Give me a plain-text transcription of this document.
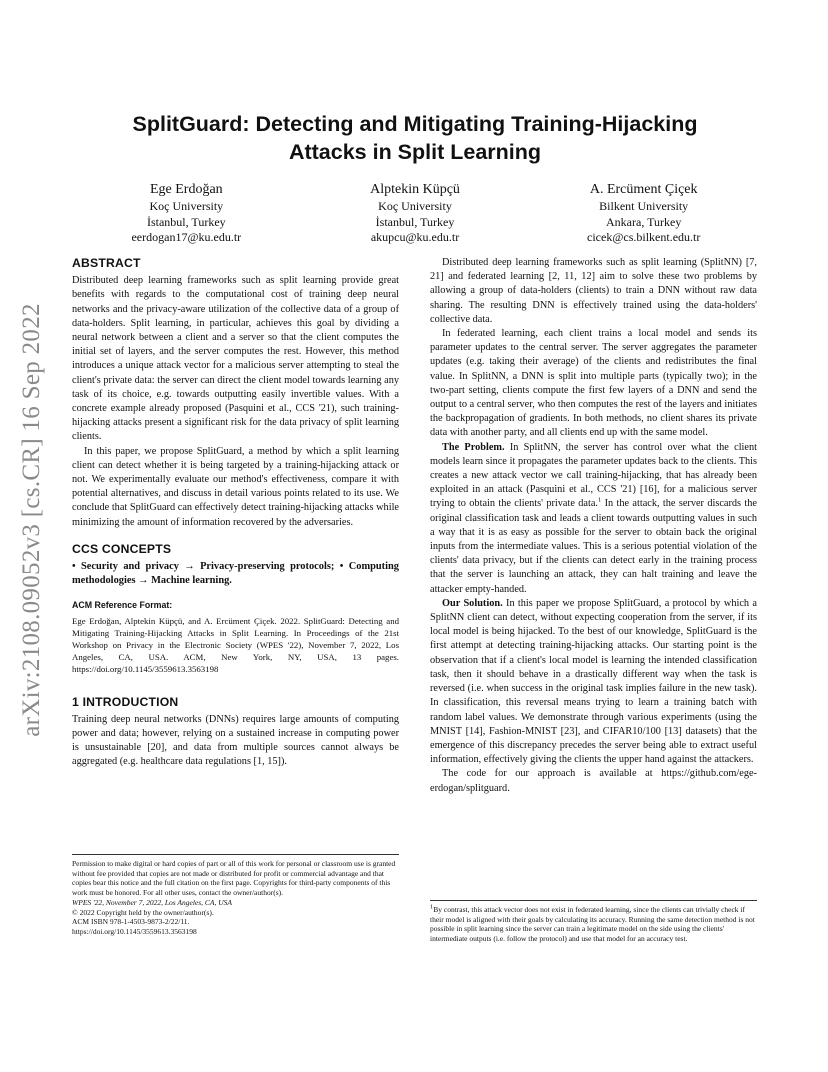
arXiv:2108.09052v3 [cs.CR] 16 Sep 2022
SplitGuard: Detecting and Mitigating Training-Hijacking
Attacks in Split Learning
Ege Erdoğan
Koç University
İstanbul, Turkey
eerdogan17@ku.edu.tr
Alptekin Küpçü
Koç University
İstanbul, Turkey
akupcu@ku.edu.tr
A. Ercüment Çiçek
Bilkent University
Ankara, Turkey
cicek@cs.bilkent.edu.tr
ABSTRACT

Distributed deep learning frameworks such as split learning provide great benefits with regards to the computational cost of training deep neural networks and the privacy-aware utilization of the collective data of a group of data-holders. Split learning, in particular, achieves this goal by dividing a neural network between a client and a server so that the client computes the initial set of layers, and the server computes the rest. However, this method introduces a unique attack vector for a malicious server attempting to steal the client's private data: the server can direct the client model towards learning any task of its choice, e.g. towards outputting easily invertible values. With a concrete example already proposed (Pasquini et al., CCS '21), such training-hijacking attacks present a significant risk for the data privacy of split learning clients.

In this paper, we propose SplitGuard, a method by which a split learning client can detect whether it is being targeted by a training-hijacking attack or not. We experimentally evaluate our method's effectiveness, compare it with potential alternatives, and discuss in detail various points related to its use. We conclude that SplitGuard can effectively detect training-hijacking attacks while minimizing the amount of information recovered by the adversaries.

CCS CONCEPTS

• Security and privacy → Privacy-preserving protocols; • Computing methodologies → Machine learning.

ACM Reference Format:

Ege Erdoğan, Alptekin Küpçü, and A. Ercüment Çiçek. 2022. SplitGuard: Detecting and Mitigating Training-Hijacking Attacks in Split Learning. In Proceedings of the 21st Workshop on Privacy in the Electronic Society (WPES '22), November 7, 2022, Los Angeles, CA, USA. ACM, New York, NY, USA, 13 pages. https://doi.org/10.1145/3559613.3563198

1 INTRODUCTION

Training deep neural networks (DNNs) requires large amounts of computing power and data; however, relying on a sustained increase in computing power is unsustainable [20], and data from multiple sources cannot always be aggregated (e.g. healthcare data regulations [1, 15]).

Permission to make digital or hard copies of part or all of this work for personal or classroom use is granted without fee provided that copies are not made or distributed for profit or commercial advantage and that copies bear this notice and the full citation on the first page. Copyrights for third-party components of this work must be honored. For all other uses, contact the owner/author(s).

WPES '22, November 7, 2022, Los Angeles, CA, USA

© 2022 Copyright held by the owner/author(s).

ACM ISBN 978-1-4503-9873-2/22/11.

https://doi.org/10.1145/3559613.3563198

Distributed deep learning frameworks such as split learning (SplitNN) [7, 21] and federated learning [2, 11, 12] aim to solve these two problems by allowing a group of data-holders (clients) to train a DNN without raw data sharing. The resulting DNN is effectively trained using the data-holders' collective data.

In federated learning, each client trains a local model and sends its parameter updates to the central server. The server aggregates the parameter updates (e.g. taking their average) of the clients and redistributes the final value. In SplitNN, a DNN is split into multiple parts (typically two); in the two-part setting, clients compute the first few layers of a DNN and send the output to a central server, who then computes the rest of the layers and initiates the backpropagation of gradients. In both methods, no client shares its private data with another party, and all clients end up with the same model.

The Problem. In SplitNN, the server has control over what the client models learn since it propagates the parameter updates back to the clients. This creates a new attack vector we call training-hijacking, that has already been exploited in an attack (Pasquini et al., CCS '21) [16], for a malicious server trying to obtain the clients' private data.$^1$ In the attack, the server discards the original classification task and leads a client towards outputting values in such a way that it is as easy as possible for the server to obtain back the original inputs from the intermediate values. This is a serious potential violation of the clients' data privacy, but if the clients can detect early in the training process that the server is launching an attack, they can halt training and leave the attacker empty-handed.

Our Solution. In this paper we propose SplitGuard, a protocol by which a SplitNN client can detect, without expecting cooperation from the server, if its local model is being hijacked. To the best of our knowledge, SplitGuard is the first attempt at detecting training-hijacking attacks. Our starting point is the observation that if a client's local model is learning the intended classification task, then it should behave in a drastically different way when the task is reversed (i.e. when success in the original task implies failure in the new task). In classification, this reversal means trying to learn a training batch with random label values. We demonstrate through various experiments (using the MNIST [14], Fashion-MNIST [23], and CIFAR10/100 [13] datasets) that the emergence of this discrepancy precedes the server being able to extract useful information, effectively giving the clients the upper hand against the attackers.

The code for our approach is available at https://github.com/ege-erdogan/splitguard.

$^1$By contrast, this attack vector does not exist in federated learning, since the clients can trivially check if their model is aligned with their goals by calculating its accuracy. Running the same detection method is not possible in split learning since the server can train a legitimate model on the side using the clients' intermediate outputs (i.e. follow the protocol) and use that model for an accuracy test.
